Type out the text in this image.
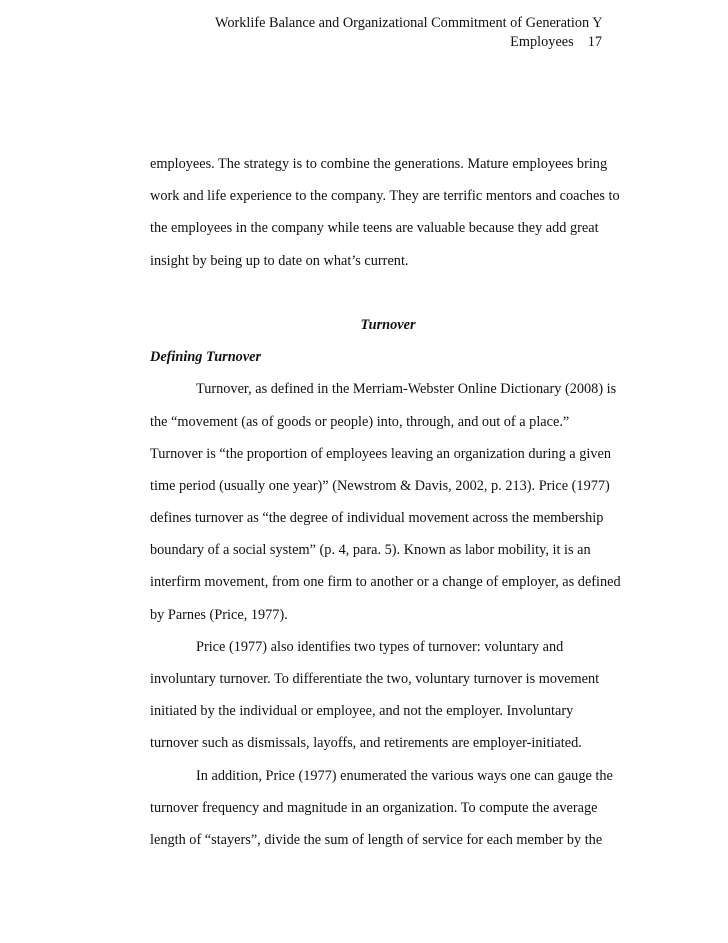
Worklife Balance and Organizational Commitment of Generation Y
Employees 17
employees. The strategy is to combine the generations. Mature employees bring
work and life experience to the company. They are terrific mentors and coaches to
the employees in the company while teens are valuable because they add great
insight by being up to date on what’s current.
Turnover
Defining Turnover
Turnover, as defined in the Merriam-Webster Online Dictionary (2008) is
the “movement (as of goods or people) into, through, and out of a place.”
Turnover is “the proportion of employees leaving an organization during a given
time period (usually one year)” (Newstrom & Davis, 2002, p. 213). Price (1977)
defines turnover as “the degree of individual movement across the membership
boundary of a social system” (p. 4, para. 5). Known as labor mobility, it is an
interfirm movement, from one firm to another or a change of employer, as defined
by Parnes (Price, 1977).
Price (1977) also identifies two types of turnover: voluntary and
involuntary turnover. To differentiate the two, voluntary turnover is movement
initiated by the individual or employee, and not the employer. Involuntary
turnover such as dismissals, layoffs, and retirements are employer-initiated.
In addition, Price (1977) enumerated the various ways one can gauge the
turnover frequency and magnitude in an organization. To compute the average
length of “stayers”, divide the sum of length of service for each member by the
